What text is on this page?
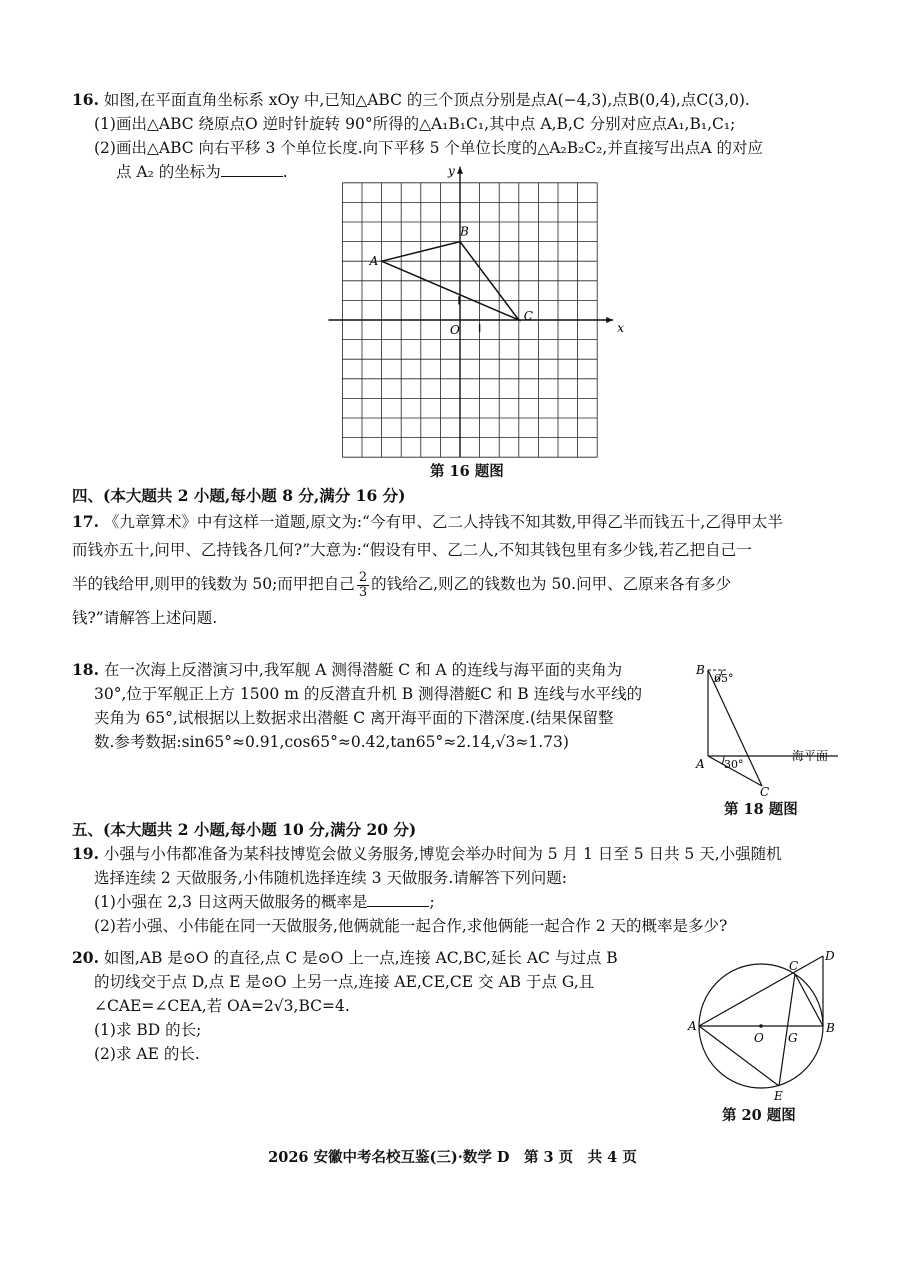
16. 如图,在平面直角坐标系 xOy 中,已知△ABC 的三个顶点分别是点A(−4,3),点B(0,4),点C(3,0).
(1)画出△ABC 绕原点O 逆时针旋转 90°所得的△A₁B₁C₁,其中点 A,B,C 分别对应点A₁,B₁,C₁;
(2)画出△ABC 向右平移 3 个单位长度.向下平移 5 个单位长度的△A₂B₂C₂,并直接写出点A 的对应
点 A₂ 的坐标为	.
A
B
C
x
y
O
第 16 题图
四、(本大题共 2 小题,每小题 8 分,满分 16 分)
17. 《九章算术》中有这样一道题,原文为:“今有甲、乙二人持钱不知其数,甲得乙半而钱五十,乙得甲太半
而钱亦五十,问甲、乙持钱各几何?”大意为:“假设有甲、乙二人,不知其钱包里有多少钱,若乙把自己一
半的钱给甲,则甲的钱数为 50;而甲把自己 $\frac{2}{3}$ 的钱给乙,则乙的钱数也为 50.问甲、乙原来各有多少
钱?”请解答上述问题.
18. 在一次海上反潜演习中,我军舰 A 测得潜艇 C 和 A 的连线与海平面的夹角为
30°,位于军舰正上方 1500 m 的反潜直升机 B 测得潜艇C 和 B 连线与水平线的
夹角为 65°,试根据以上数据求出潜艇 C 离开海平面的下潜深度.(结果保留整
数.参考数据:sin65°≈0.91,cos65°≈0.42,tan65°≈2.14,√3≈1.73)
B
65°
A 30°
C
海平面
第 18 题图
五、(本大题共 2 小题,每小题 10 分,满分 20 分)
19. 小强与小伟都准备为某科技博览会做义务服务,博览会举办时间为 5 月 1 日至 5 日共 5 天,小强随机
选择连续 2 天做服务,小伟随机选择连续 3 天做服务.请解答下列问题:
(1)小强在 2,3 日这两天做服务的概率是	;
(2)若小强、小伟能在同一天做服务,他俩就能一起合作,求他俩能一起合作 2 天的概率是多少?
20. 如图,AB 是⊙O 的直径,点 C 是⊙O 上一点,连接 AC,BC,延长 AC 与过点 B
的切线交于点 D,点 E 是⊙O 上另一点,连接 AE,CE,CE 交 AB 于点 G,且
∠CAE=∠CEA,若 OA=2√3,BC=4.
(1)求 BD 的长;
(2)求 AE 的长.
A	B
C
D
E
O G
第 20 题图
2026 安徽中考名校互鉴(三)·数学 D　第 3 页　共 4 页
